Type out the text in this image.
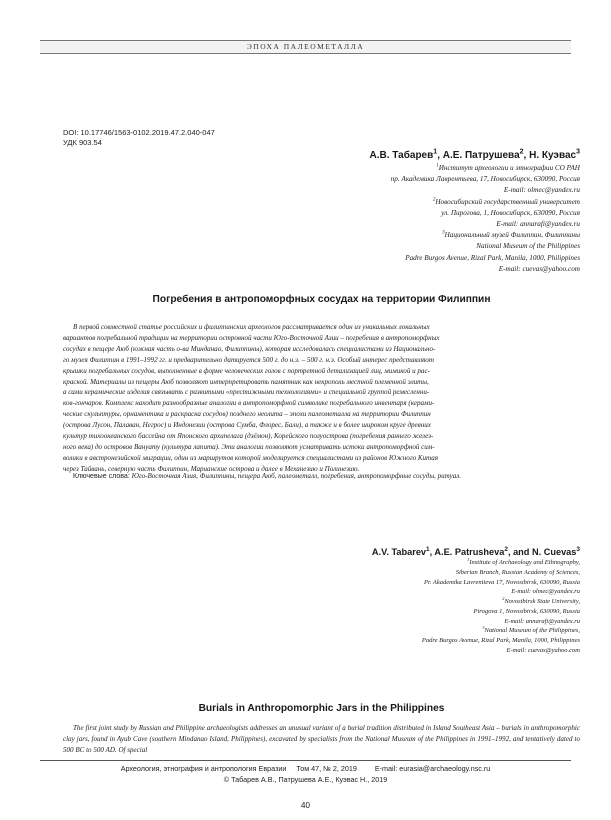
ЭПОХА ПАЛЕОМЕТАЛЛА
DOI: 10.17746/1563-0102.2019.47.2.040-047
УДК 903.54
А.В. Табарев$^1$, А.Е. Патрушева$^2$, Н. Куэвас$^3$
$^1$Институт археологии и этнографии СО РАН
пр. Академика Лаврентьева, 17, Новосибирск, 630090, Россия
E-mail: olmec@yandex.ru
$^2$Новосибирский государственный университет
ул. Пирогова, 1, Новосибирск, 630090, Россия
E-mail: annarafi@yandex.ru
$^3$Национальный музей Филиппин, Филиппины
National Museum of the Philippines
Padre Burgos Avenue, Rizal Park, Manila, 1000, Philippines
E-mail: cuevas@yahoo.com
Погребения в антропоморфных сосудах на территории Филиппин
В первой совместной статье российских и филиппинских археологов рассматривается один из уникальных локальных
вариантов погребальной традиции на территории островной части Юго-Восточной Азии – погребения в антропоморфных
сосудах в пещере Аюб (южная часть о-ва Минданао, Филиппины), которая исследовалась специалистами из Национально-
го музея Филиппин в 1991–1992 гг. и предварительно датируется 500 г. до н.э. – 500 г. н.э. Особый интерес представляют
крышки погребальных сосудов, выполненные в форме человеческих голов с портретной детализацией лиц, мимикой и рас-
краской. Материалы из пещеры Аюб позволяют интерпретировать памятник как некрополь местной племенной элиты,
а сами керамические изделия связывать с развитыми «престижными технологиями» и специальной группой ремесленни-
ков-гончаров. Комплекс находит разнообразные аналогии в антропоморфной символике погребального инвентаря (керами-
ческие скульптуры, орнаментика и раскраска сосудов) позднего неолита – эпохи палеометалла на территории Филиппин
(острова Лусон, Палаван, Негрос) и Индонезии (острова Сумба, Флорес, Бали), а также и в более широком круге древних
культур тихоокеанского бассейна от Японского архипелага (дзёмон), Корейского полуострова (погребения раннего желез-
ного века) до островов Вануату (культура лапита). Эти аналогии позволяют усматривать истоки антропоморфной сим-
волики в австронезийской миграции, один из маршрутов которой моделируется специалистами из районов Южного Китая
через Тайвань, северную часть Филиппин, Марианские острова и далее в Механезию и Полинезию.
Ключевые слова: Юго-Восточная Азия, Филиппины, пещера Аюб, палеометалл, погребения, антропоморфные сосуды, ритуал.
A.V. Tabarev$^1$, A.E. Patrusheva$^2$, and N. Cuevas$^3$
$^1$Institute of Archaeology and Ethnography,
Siberian Branch, Russian Academy of Sciences,
Pr. Akademika Lavrentieva 17, Novosibirsk, 630090, Russia
E-mail: olmec@yandex.ru
$^2$Novosibirsk State University,
Pirogova 1, Novosibirsk, 630090, Russia
E-mail: annarafi@yandex.ru
$^3$National Museum of the Philippines,
Padre Burgos Avenue, Rizal Park, Manila, 1000, Philippines
E-mail: cuevas@yahoo.com
Burials in Anthropomorphic Jars in the Philippines

The first joint study by Russian and Philippine archaeologists addresses an unusual variant of a burial tradition distributed in Island Southeast Asia – burials in anthropomorphic clay jars, found in Ayub Cave (southern Mindanao Island, Philippines), excavated by specialists from the National Museum of the Philippines in 1991–1992, and tentatively dated to 500 BC to 500 AD. Of special

Археология, этнография и антропология Евразии Том 47, № 2, 2019	E-mail: eurasia@archaeology.nsc.ru
© Табарев А.В., Патрушева А.Е., Куэвас Н., 2019
40
